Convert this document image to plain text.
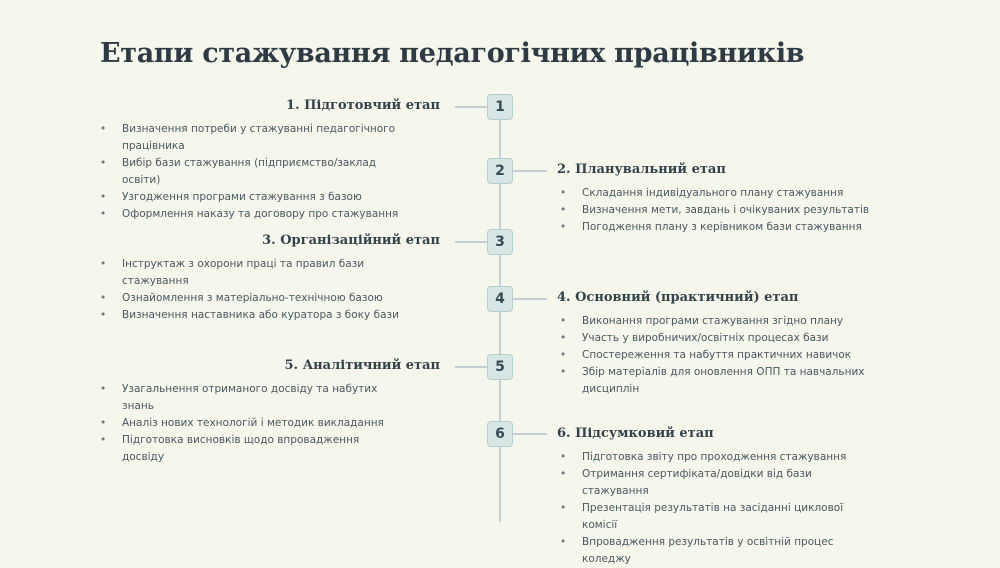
Етапи стажування педагогічних працівників
1
1. Підготовчий етап
• Визначення потреби у стажуванні педагогічного працівника
• Вибір бази стажування (підприємство/заклад освіти)
• Узгодження програми стажування з базою
• Оформлення наказу та договору про стажування
2	2. Планувальний етап
• Складання індивідуального плану стажування
• Визначення мети, завдань і очікуваних результатів
• Погодження плану з керівником бази стажування
3
3. Організаційний етап
• Інструктаж з охорони праці та правил бази стажування
• Ознайомлення з матеріально-технічною базою
• Визначення наставника або куратора з боку бази
4	4. Основний (практичний) етап
• Виконання програми стажування згідно плану
• Участь у виробничих/освітніх процесах бази
• Спостереження та набуття практичних навичок
• Збір матеріалів для оновлення ОПП та навчальних дисциплін
5
5. Аналітичний етап
• Узагальнення отриманого досвіду та набутих знань
• Аналіз нових технологій і методик викладання
• Підготовка висновків щодо впровадження досвіду
6	6. Підсумковий етап
• Підготовка звіту про проходження стажування
• Отримання сертифіката/довідки від бази стажування
• Презентація результатів на засіданні циклової комісії
• Впровадження результатів у освітній процес коледжу
